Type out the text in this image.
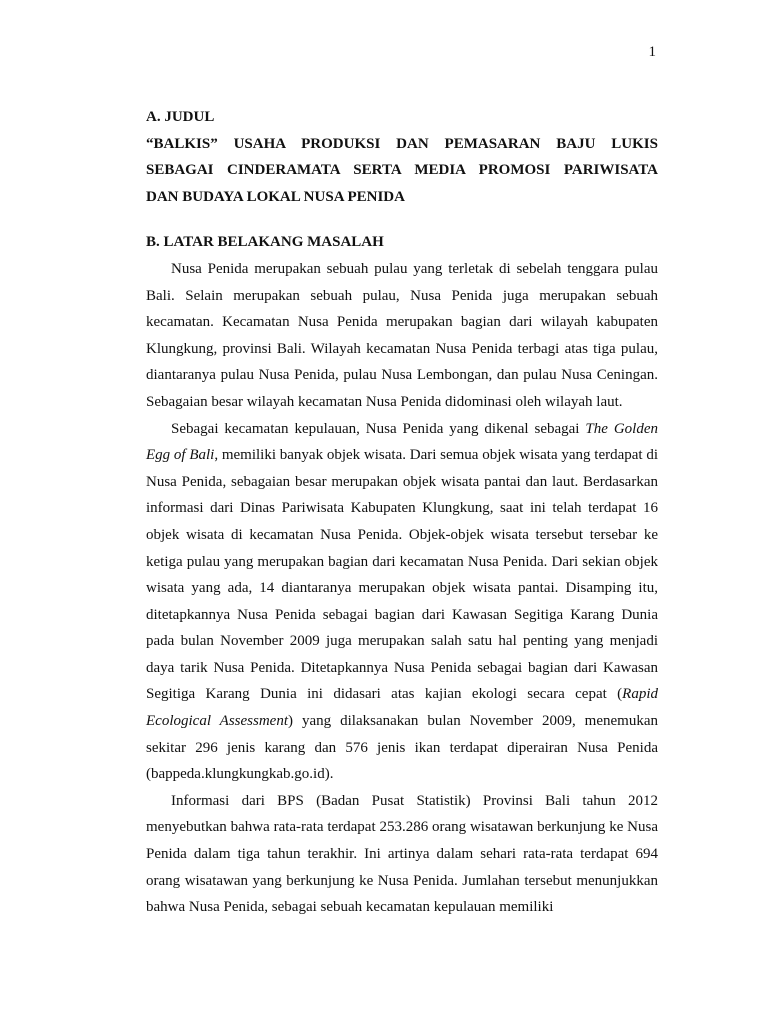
1

A. JUDUL

“BALKIS” USAHA PRODUKSI DAN PEMASARAN BAJU LUKIS
SEBAGAI CINDERAMATA SERTA MEDIA PROMOSI PARIWISATA
DAN BUDAYA LOKAL NUSA PENIDA

B. LATAR BELAKANG MASALAH

Nusa Penida merupakan sebuah pulau yang terletak di sebelah tenggara pulau Bali. Selain merupakan sebuah pulau, Nusa Penida juga merupakan sebuah kecamatan. Kecamatan Nusa Penida merupakan bagian dari wilayah kabupaten Klungkung, provinsi Bali. Wilayah kecamatan Nusa Penida terbagi atas tiga pulau, diantaranya pulau Nusa Penida, pulau Nusa Lembongan, dan pulau Nusa Ceningan. Sebagaian besar wilayah kecamatan Nusa Penida didominasi oleh wilayah laut.

Sebagai kecamatan kepulauan, Nusa Penida yang dikenal sebagai The Golden Egg of Bali, memiliki banyak objek wisata. Dari semua objek wisata yang terdapat di Nusa Penida, sebagaian besar merupakan objek wisata pantai dan laut. Berdasarkan informasi dari Dinas Pariwisata Kabupaten Klungkung, saat ini telah terdapat 16 objek wisata di kecamatan Nusa Penida. Objek-objek wisata tersebut tersebar ke ketiga pulau yang merupakan bagian dari kecamatan Nusa Penida. Dari sekian objek wisata yang ada, 14 diantaranya merupakan objek wisata pantai. Disamping itu, ditetapkannya Nusa Penida sebagai bagian dari Kawasan Segitiga Karang Dunia pada bulan November 2009 juga merupakan salah satu hal penting yang menjadi daya tarik Nusa Penida. Ditetapkannya Nusa Penida sebagai bagian dari Kawasan Segitiga Karang Dunia ini didasari atas kajian ekologi secara cepat (Rapid Ecological Assessment) yang dilaksanakan bulan November 2009, menemukan sekitar 296 jenis karang dan 576 jenis ikan terdapat diperairan Nusa Penida (bappeda.klungkungkab.go.id).

Informasi dari BPS (Badan Pusat Statistik) Provinsi Bali tahun 2012 menyebutkan bahwa rata-rata terdapat 253.286 orang wisatawan berkunjung ke Nusa Penida dalam tiga tahun terakhir. Ini artinya dalam sehari rata-rata terdapat 694 orang wisatawan yang berkunjung ke Nusa Penida. Jumlahan tersebut menunjukkan bahwa Nusa Penida, sebagai sebuah kecamatan kepulauan memiliki
